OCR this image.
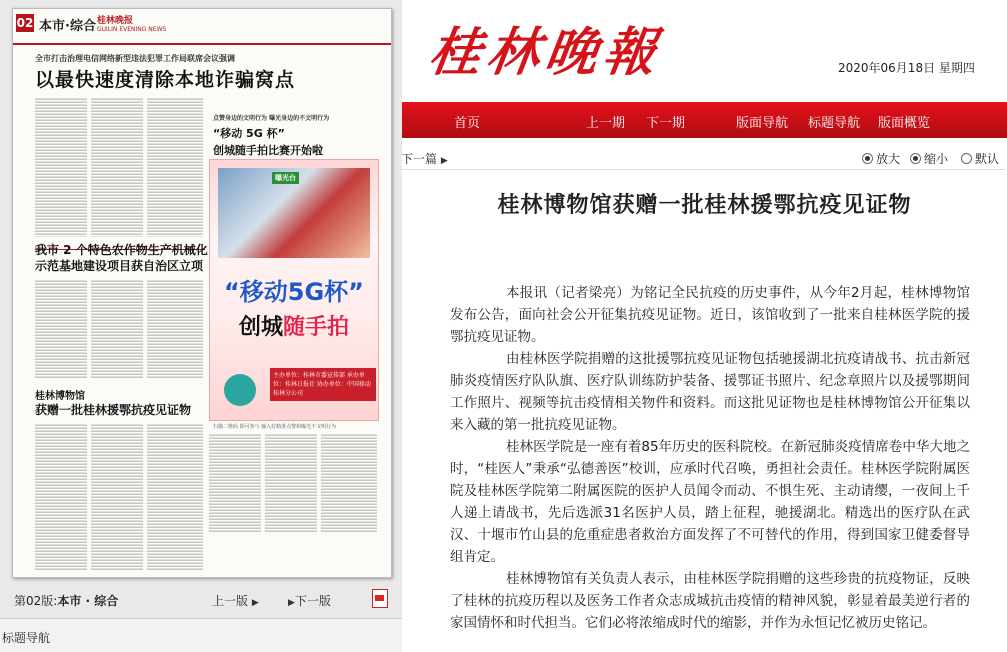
02 本市·综合 桂林晚报
GUILIN EVENING NEWS
全市打击治理电信网络新型违法犯罪工作局联席会议强调
以最快速度清除本地诈骗窝点
我市 2 个特色农作物生产机械化
示范基地建设项目获自治区立项
桂林博物馆
获赠一批桂林援鄂抗疫见证物
点赞身边的文明行为 曝光身边的不文明行为
“移动 5G 杯”
创城随手拍比赛开始啦
曝光台
“移动5G杯”
创城随手拍
主办单位：桂林市委宣传部 承办单位：桂林日报社 协办单位：中国移动桂林分公司
扫描二维码 即可参与 输入好精准点赞和曝光不文明行为
第02版:本市 · 综合	上一版 ▶	▶下一版
标题导航
桂林晚報	2020年06月18日 星期四
首页	上一期 下一期	版面导航 标题导航 版面概览
下一篇 ▶	放大	缩小	默认
桂林博物馆获赠一批桂林援鄂抗疫见证物

本报讯（记者梁亮）为铭记全民抗疫的历史事件，从今年2月起，桂林博物馆发布公告，面向社会公开征集抗疫见证物。近日，该馆收到了一批来自桂林医学院的援鄂抗疫见证物。

由桂林医学院捐赠的这批援鄂抗疫见证物包括驰援湖北抗疫请战书、抗击新冠肺炎疫情医疗队队旗、医疗队训练防护装备、援鄂证书照片、纪念章照片以及援鄂期间工作照片、视频等抗击疫情相关物件和资料。而这批见证物也是桂林博物馆公开征集以来入藏的第一批抗疫见证物。

桂林医学院是一座有着85年历史的医科院校。在新冠肺炎疫情席卷中华大地之时，“桂医人”秉承“弘德善医”校训，应承时代召唤，勇担社会责任。桂林医学院附属医院及桂林医学院第二附属医院的医护人员闻令而动、不惧生死、主动请缨，一夜间上千人递上请战书，先后选派31名医护人员，踏上征程，驰援湖北。精选出的医疗队在武汉、十堰市竹山县的危重症患者救治方面发挥了不可替代的作用，得到国家卫健委督导组肯定。

桂林博物馆有关负责人表示，由桂林医学院捐赠的这些珍贵的抗疫物证，反映了桂林的抗疫历程以及医务工作者众志成城抗击疫情的精神风貌，彰显着最美逆行者的家国情怀和时代担当。它们必将浓缩成时代的缩影，并作为永恒记忆被历史铭记。
